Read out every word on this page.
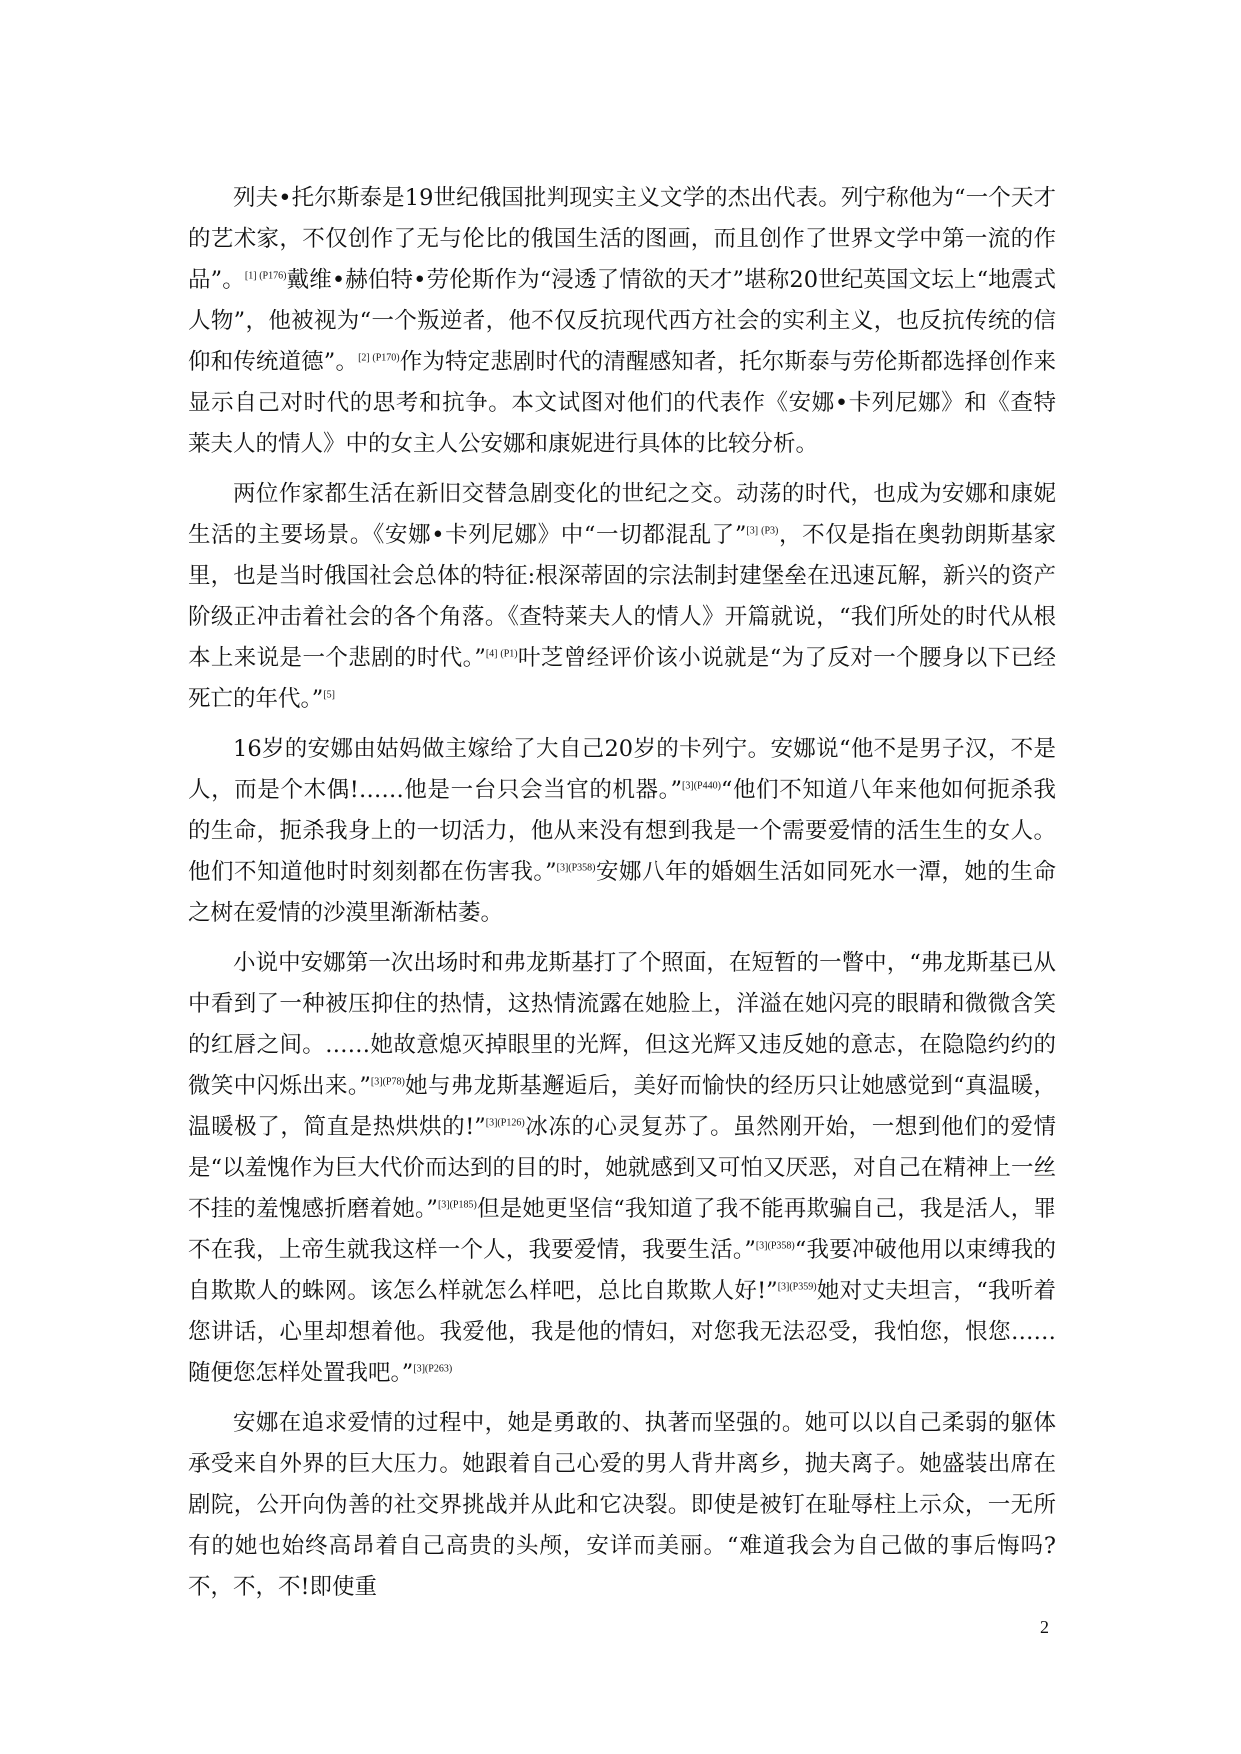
列夫•托尔斯泰是19世纪俄国批判现实主义文学的杰出代表。列宁称他为“一个天才的艺术家，不仅创作了无与伦比的俄国生活的图画，而且创作了世界文学中第一流的作品”。$^{[1] (P176)}$戴维•赫伯特•劳伦斯作为“浸透了情欲的天才”堪称20世纪英国文坛上“地震式人物”，他被视为“一个叛逆者，他不仅反抗现代西方社会的实利主义，也反抗传统的信仰和传统道德”。$^{[2] (P170)}$作为特定悲剧时代的清醒感知者，托尔斯泰与劳伦斯都选择创作来显示自己对时代的思考和抗争。本文试图对他们的代表作《安娜•卡列尼娜》和《查特莱夫人的情人》中的女主人公安娜和康妮进行具体的比较分析。

两位作家都生活在新旧交替急剧变化的世纪之交。动荡的时代，也成为安娜和康妮生活的主要场景。《安娜•卡列尼娜》中“一切都混乱了”$^{[3] (P3)}$，不仅是指在奥勃朗斯基家里，也是当时俄国社会总体的特征:根深蒂固的宗法制封建堡垒在迅速瓦解，新兴的资产阶级正冲击着社会的各个角落。《查特莱夫人的情人》开篇就说，“我们所处的时代从根本上来说是一个悲剧的时代。”$^{[4] (P1)}$叶芝曾经评价该小说就是“为了反对一个腰身以下已经死亡的年代。”[5]

16岁的安娜由姑妈做主嫁给了大自己20岁的卡列宁。安娜说“他不是男子汉，不是人，而是个木偶!……他是一台只会当官的机器。”$^{[3](P440)}$“他们不知道八年来他如何扼杀我的生命，扼杀我身上的一切活力，他从来没有想到我是一个需要爱情的活生生的女人。他们不知道他时时刻刻都在伤害我。”$^{[3](P358)}$安娜八年的婚姻生活如同死水一潭，她的生命之树在爱情的沙漠里渐渐枯萎。

小说中安娜第一次出场时和弗龙斯基打了个照面，在短暂的一瞥中，“弗龙斯基已从中看到了一种被压抑住的热情，这热情流露在她脸上，洋溢在她闪亮的眼睛和微微含笑的红唇之间。……她故意熄灭掉眼里的光辉，但这光辉又违反她的意志，在隐隐约约的微笑中闪烁出来。”$^{[3](P78)}$她与弗龙斯基邂逅后，美好而愉快的经历只让她感觉到“真温暖，温暖极了，简直是热烘烘的!”$^{[3](P126)}$冰冻的心灵复苏了。虽然刚开始，一想到他们的爱情是“以羞愧作为巨大代价而达到的目的时，她就感到又可怕又厌恶，对自己在精神上一丝不挂的羞愧感折磨着她。”$^{[3](P185)}$但是她更坚信“我知道了我不能再欺骗自己，我是活人，罪不在我，上帝生就我这样一个人，我要爱情，我要生活。”$^{[3](P358)}$“我要冲破他用以束缚我的自欺欺人的蛛网。该怎么样就怎么样吧，总比自欺欺人好!”$^{[3](P359)}$她对丈夫坦言，“我听着您讲话，心里却想着他。我爱他，我是他的情妇，对您我无法忍受，我怕您，恨您……随便您怎样处置我吧。”$^{[3](P263)}$

安娜在追求爱情的过程中，她是勇敢的、执著而坚强的。她可以以自己柔弱的躯体承受来自外界的巨大压力。她跟着自己心爱的男人背井离乡，抛夫离子。她盛装出席在剧院，公开向伪善的社交界挑战并从此和它决裂。即使是被钉在耻辱柱上示众，一无所有的她也始终高昂着自己高贵的头颅，安详而美丽。“难道我会为自己做的事后悔吗?不，不，不!即使重

2
